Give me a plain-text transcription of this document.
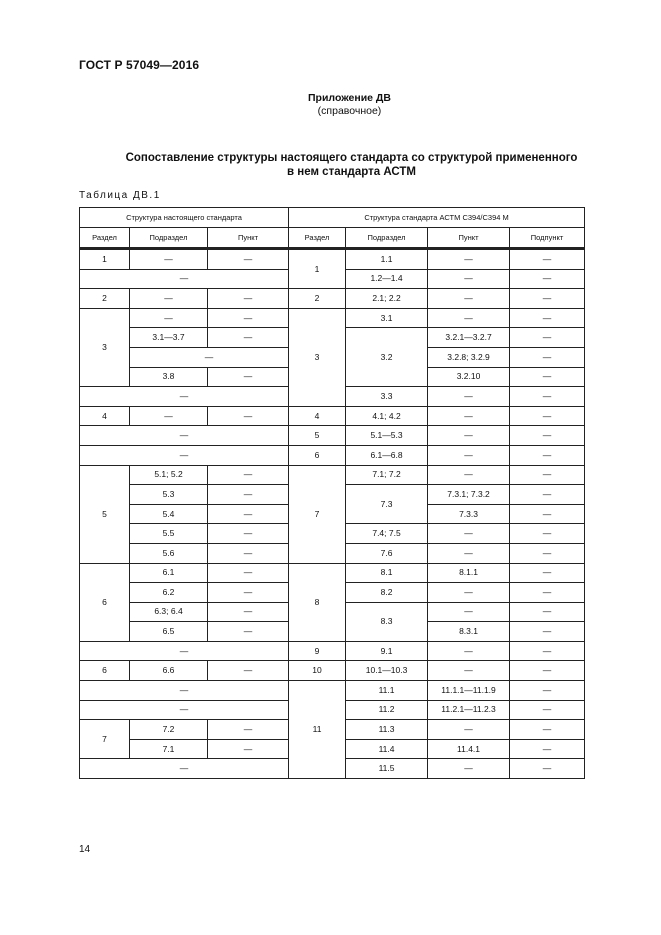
ГОСТ Р 57049—2016
Приложение ДВ
(справочное)
Сопоставление структуры настоящего стандарта со структурой примененного
в нем стандарта АСТМ
Таблица ДВ.1
Структура настоящего стандарта			Структура стандарта АСТМ C394/C394 M			
Раздел	Подраздел	Пункт	Раздел	Подраздел	Пункт	Подпункт

1	—	—	1	1.1	—	—
—				1.2—1.4	—	—
2	—	—	2	2.1; 2.2	—	—
3	—	—	3	3.1	—	—
	3.1—3.7	—		3.2	3.2.1—3.2.7	—
	—				3.2.8; 3.2.9	—
	3.8	—			3.2.10	—
—				3.3	—	—
4	—	—	4	4.1; 4.2	—	—
—			5	5.1—5.3	—	—
—			6	6.1—6.8	—	—
5	5.1; 5.2	—	7	7.1; 7.2	—	—
	5.3	—		7.3	7.3.1; 7.3.2	—
	5.4	—			7.3.3	—
	5.5	—		7.4; 7.5	—	—
	5.6	—		7.6	—	—
6	6.1	—	8	8.1	8.1.1	—
	6.2	—		8.2	—	—
	6.3; 6.4	—		8.3	—	—
	6.5	—			8.3.1	—
—			9	9.1	—	—
6	6.6	—	10	10.1—10.3	—	—
—			11	11.1	11.1.1—11.1.9	—
—				11.2	11.2.1—11.2.3	—
7	7.2	—		11.3	—	—
	7.1	—		11.4	11.4.1	—
—				11.5	—	—
14
